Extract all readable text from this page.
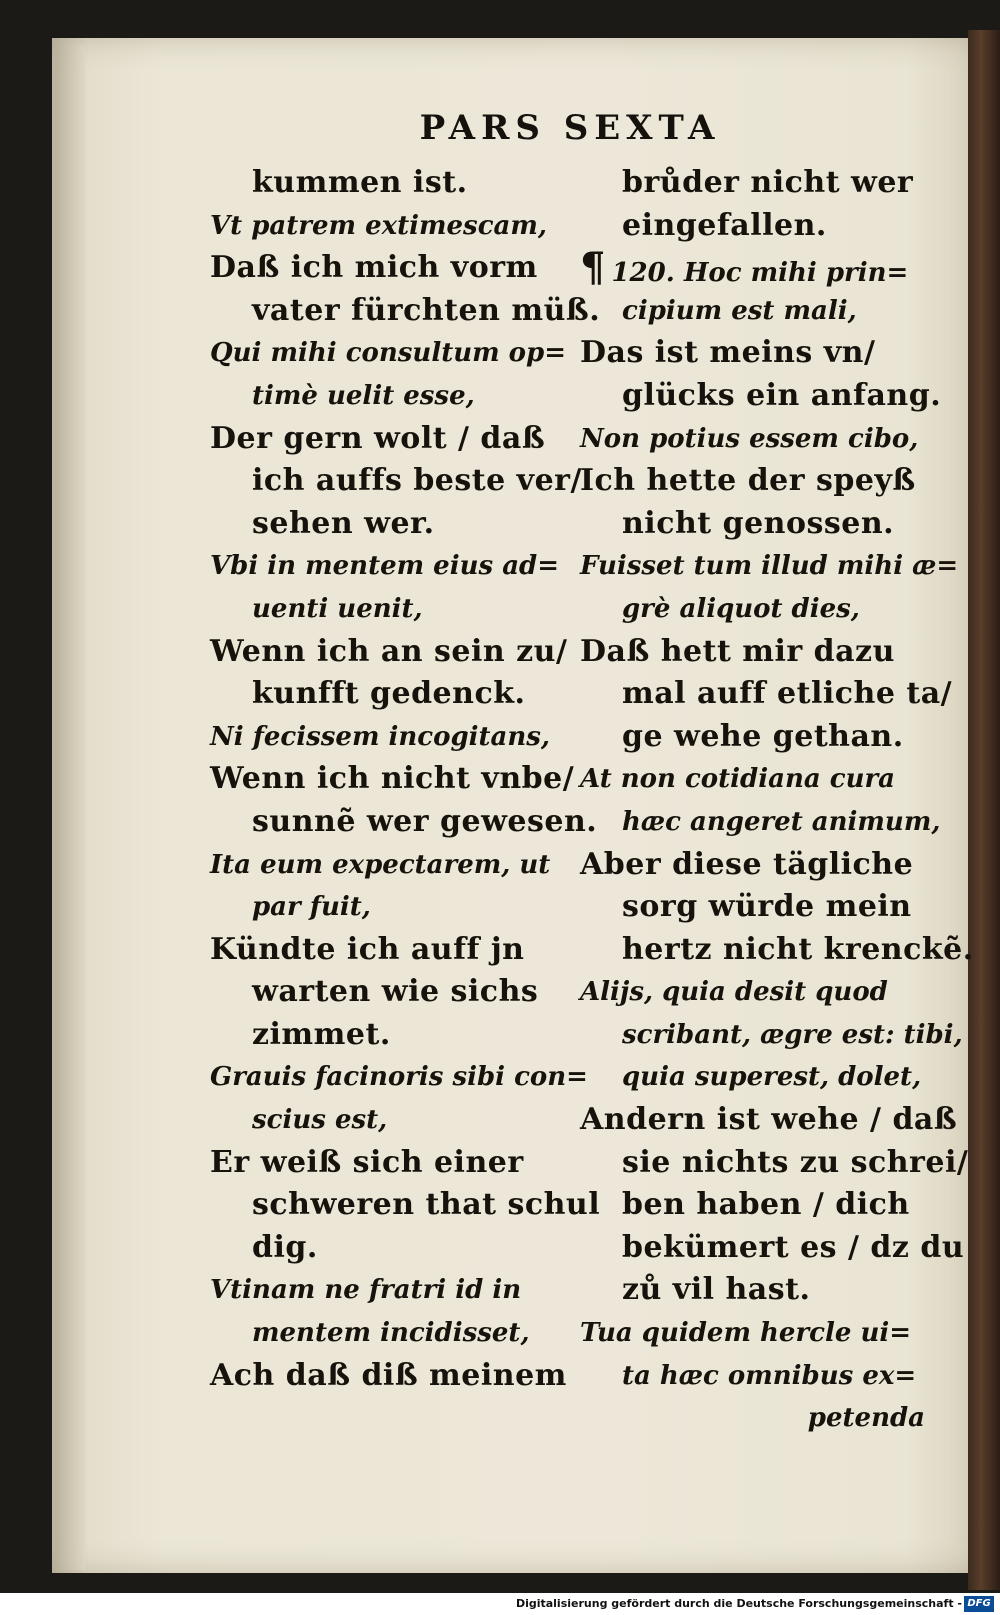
PARS SEXTA
kummen ist.
Vt patrem extimescam,
Daß ich mich vorm
vater fürchten müß.
Qui mihi consultum op=
timè uelit esse,
Der gern wolt / daß
ich auffs beste ver/
sehen wer.
Vbi in mentem eius ad=
uenti uenit,
Wenn ich an sein zu/
kunfft gedenck.
Ni fecissem incogitans,
Wenn ich nicht vnbe/
sunnẽ wer gewesen.
Ita eum expectarem, ut
par fuit,
Kündte ich auff jn
warten wie sichs
zimmet.
Grauis facinoris sibi con=
scius est,
Er weiß sich einer
schweren that schul
dig.
Vtinam ne fratri id in
mentem incidisset,
Ach daß diß meinem
brůder nicht wer
eingefallen.
¶ 120. Hoc mihi prin=
cipium est mali,
Das ist meins vn/
glücks ein anfang.
Non potius essem cibo,
Ich hette der speyß
nicht genossen.
Fuisset tum illud mihi æ=
grè aliquot dies,
Daß hett mir dazu
mal auff etliche ta/
ge wehe gethan.
At non cotidiana cura
hæc angeret animum,
Aber diese tägliche
sorg würde mein
hertz nicht krenckẽ.
Alijs, quia desit quod
scribant, ægre est: tibi,
quia superest, dolet,
Andern ist wehe / daß
sie nichts zu schrei/
ben haben / dich
bekümert es / dz du
zů vil hast.
Tua quidem hercle ui=
ta hæc omnibus ex=
petenda
Digitalisierung gefördert durch die Deutsche Forschungsgemeinschaft - DFG
